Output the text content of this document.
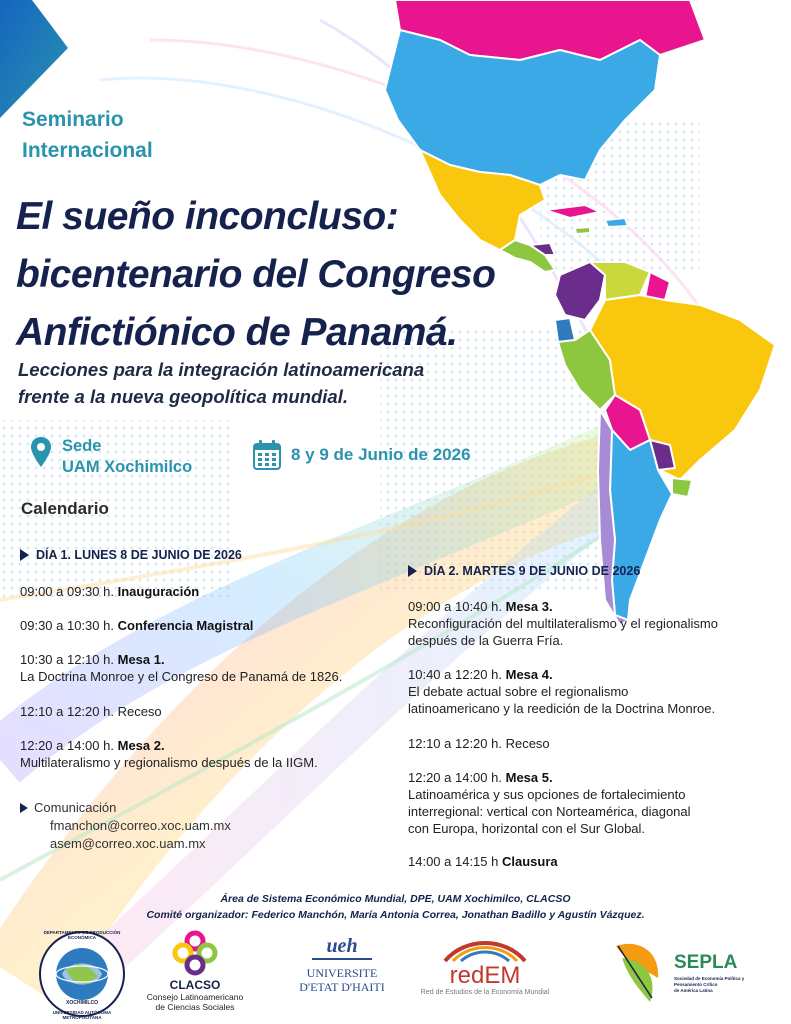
Seminario
Internacional
El sueño inconcluso:
bicentenario del Congreso
Anfictiónico de Panamá.
Lecciones para la integración latinoamericana
frente a la nueva geopolítica mundial.
Sede
UAM Xochimilco
8 y 9 de Junio de 2026
Calendario
DÍA 1. LUNES 8 DE JUNIO DE 2026
09:00 a 09:30 h. Inauguración
09:30 a 10:30 h. Conferencia Magistral
10:30 a 12:10 h. Mesa 1.
La Doctrina Monroe y el Congreso de Panamá de 1826.
12:10 a 12:20 h. Receso
12:20 a 14:00 h. Mesa 2.
Multilateralismo y regionalismo después de la IIGM.
DÍA 2. MARTES 9 DE JUNIO DE 2026
09:00 a 10:40 h. Mesa 3.
Reconfiguración del multilateralismo y el regionalismo
después de la Guerra Fría.
10:40 a 12:20 h. Mesa 4.
El debate actual sobre el regionalismo
latinoamericano y la reedición de la Doctrina Monroe.
12:10 a 12:20 h. Receso
12:20 a 14:00 h. Mesa 5.
Latinoamérica y sus opciones de fortalecimiento
interregional: vertical con Norteamérica, diagonal
con Europa, horizontal con el Sur Global.
14:00 a 14:15 h Clausura
Comunicación
fmanchon@correo.xoc.uam.mx
asem@correo.xoc.uam.mx
Área de Sistema Económico Mundial, DPE, UAM Xochimilco, CLACSO
Comité organizador: Federico Manchón, María Antonia Correa, Jonathan Badillo y Agustín Vázquez.
DEPARTAMENTO DE PRODUCCIÓN ECONÓMICA
XOCHIMILCO
UNIVERSIDAD AUTÓNOMA METROPOLITANA
CLACSO
Consejo Latinoamericano
de Ciencias Sociales
ueh
UNIVERSITE
D'ETAT D'HAITI	redEM
Red de Estudios de la Economía Mundial
SEPLA
Sociedad de Economía Política y Pensamiento Crítico
de América Latina
